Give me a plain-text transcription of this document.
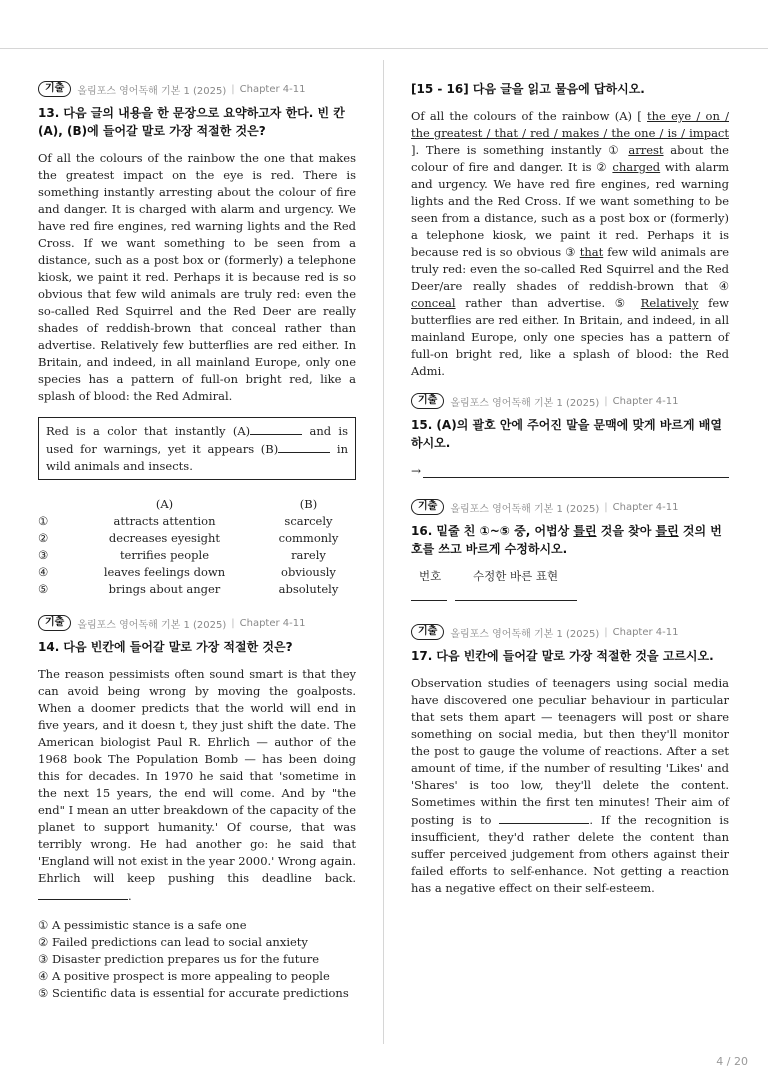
기출	올림포스 영어독해 기본 1 (2025) | Chapter 4-11
13. 다음 글의 내용을 한 문장으로 요약하고자 한다. 빈 칸 (A), (B)에 들어갈 말로 가장 적절한 것은?

Of all the colours of the rainbow the one that makes the greatest impact on the eye is red. There is something instantly arresting about the colour of fire and danger. It is charged with alarm and urgency. We have red fire engines, red warning lights and the Red Cross. If we want something to be seen from a distance, such as a post box or (formerly) a telephone kiosk, we paint it red. Perhaps it is because red is so obvious that few wild animals are truly red: even the so-called Red Squirrel and the Red Deer are really shades of reddish-brown that conceal rather than advertise. Relatively few butterflies are red either. In Britain, and indeed, in all mainland Europe, only one species has a pattern of full-on bright red, like a splash of blood: the Red Admiral.

Red is a color that instantly (A)	and is used for warnings, yet it appears (B)	in wild animals and insects.
	(A)	(B)
①	attracts attention	scarcely
②	decreases eyesight	commonly
③	terrifies people	rarely
④	leaves feelings down	obviously
⑤	brings about anger	absolutely
기출	올림포스 영어독해 기본 1 (2025) | Chapter 4-11
14. 다음 빈칸에 들어갈 말로 가장 적절한 것은?

The reason pessimists often sound smart is that they can avoid being wrong by moving the goalposts. When a doomer predicts that the world will end in five years, and it doesn t, they just shift the date. The American biologist Paul R. Ehrlich — author of the 1968 book The Population Bomb — has been doing this for decades. In 1970 he said that 'sometime in the next 15 years, the end will come. And by "the end" I mean an utter breakdown of the capacity of the planet to support humanity.' Of course, that was terribly wrong. He had another go: he said that 'England will not exist in the year 2000.' Wrong again. Ehrlich will keep pushing this deadline back. .

① A pessimistic stance is a safe one
② Failed predictions can lead to social anxiety
③ Disaster prediction prepares us for the future
④ A positive prospect is more appealing to people
⑤ Scientific data is essential for accurate predictions
[15 - 16] 다음 글을 읽고 물음에 답하시오.

Of all the colours of the rainbow (A) [ the eye / on / the greatest / that / red / makes / the one / is / impact ]. There is something instantly ① arrest about the colour of fire and danger. It is ② charged with alarm and urgency. We have red fire engines, red warning lights and the Red Cross. If we want something to be seen from a distance, such as a post box or (formerly) a telephone kiosk, we paint it red. Perhaps it is because red is so obvious ③ that few wild animals are truly red: even the so-called Red Squirrel and the Red Deer/are really shades of reddish-brown that ④ conceal rather than advertise. ⑤ Relatively few butterflies are red either. In Britain, and indeed, in all mainland Europe, only one species has a pattern of full-on bright red, like a splash of blood: the Red Admi.

기출	올림포스 영어독해 기본 1 (2025) | Chapter 4-11
15. (A)의 괄호 안에 주어진 말을 문맥에 맞게 바르게 배열하시오.
→
기출	올림포스 영어독해 기본 1 (2025) | Chapter 4-11
16. 밑줄 친 ①~⑤ 중, 어법상 틀린 것을 찾아 틀린 것의 번호를 쓰고 바르게 수정하시오.
번호	수정한 바른 표현
기출	올림포스 영어독해 기본 1 (2025) | Chapter 4-11
17. 다음 빈칸에 들어갈 말로 가장 적절한 것을 고르시오.

Observation studies of teenagers using social media have discovered one peculiar behaviour in particular that sets them apart — teenagers will post or share something on social media, but then they'll monitor the post to gauge the volume of reactions. After a set amount of time, if the number of resulting 'Likes' and 'Shares' is too low, they'll delete the content. Sometimes within the first ten minutes! Their aim of posting is to	. If the recognition is insufficient, they'd rather delete the content than suffer perceived judgement from others against their failed efforts to self-enhance. Not getting a reaction has a negative effect on their self-esteem.

4 / 20
